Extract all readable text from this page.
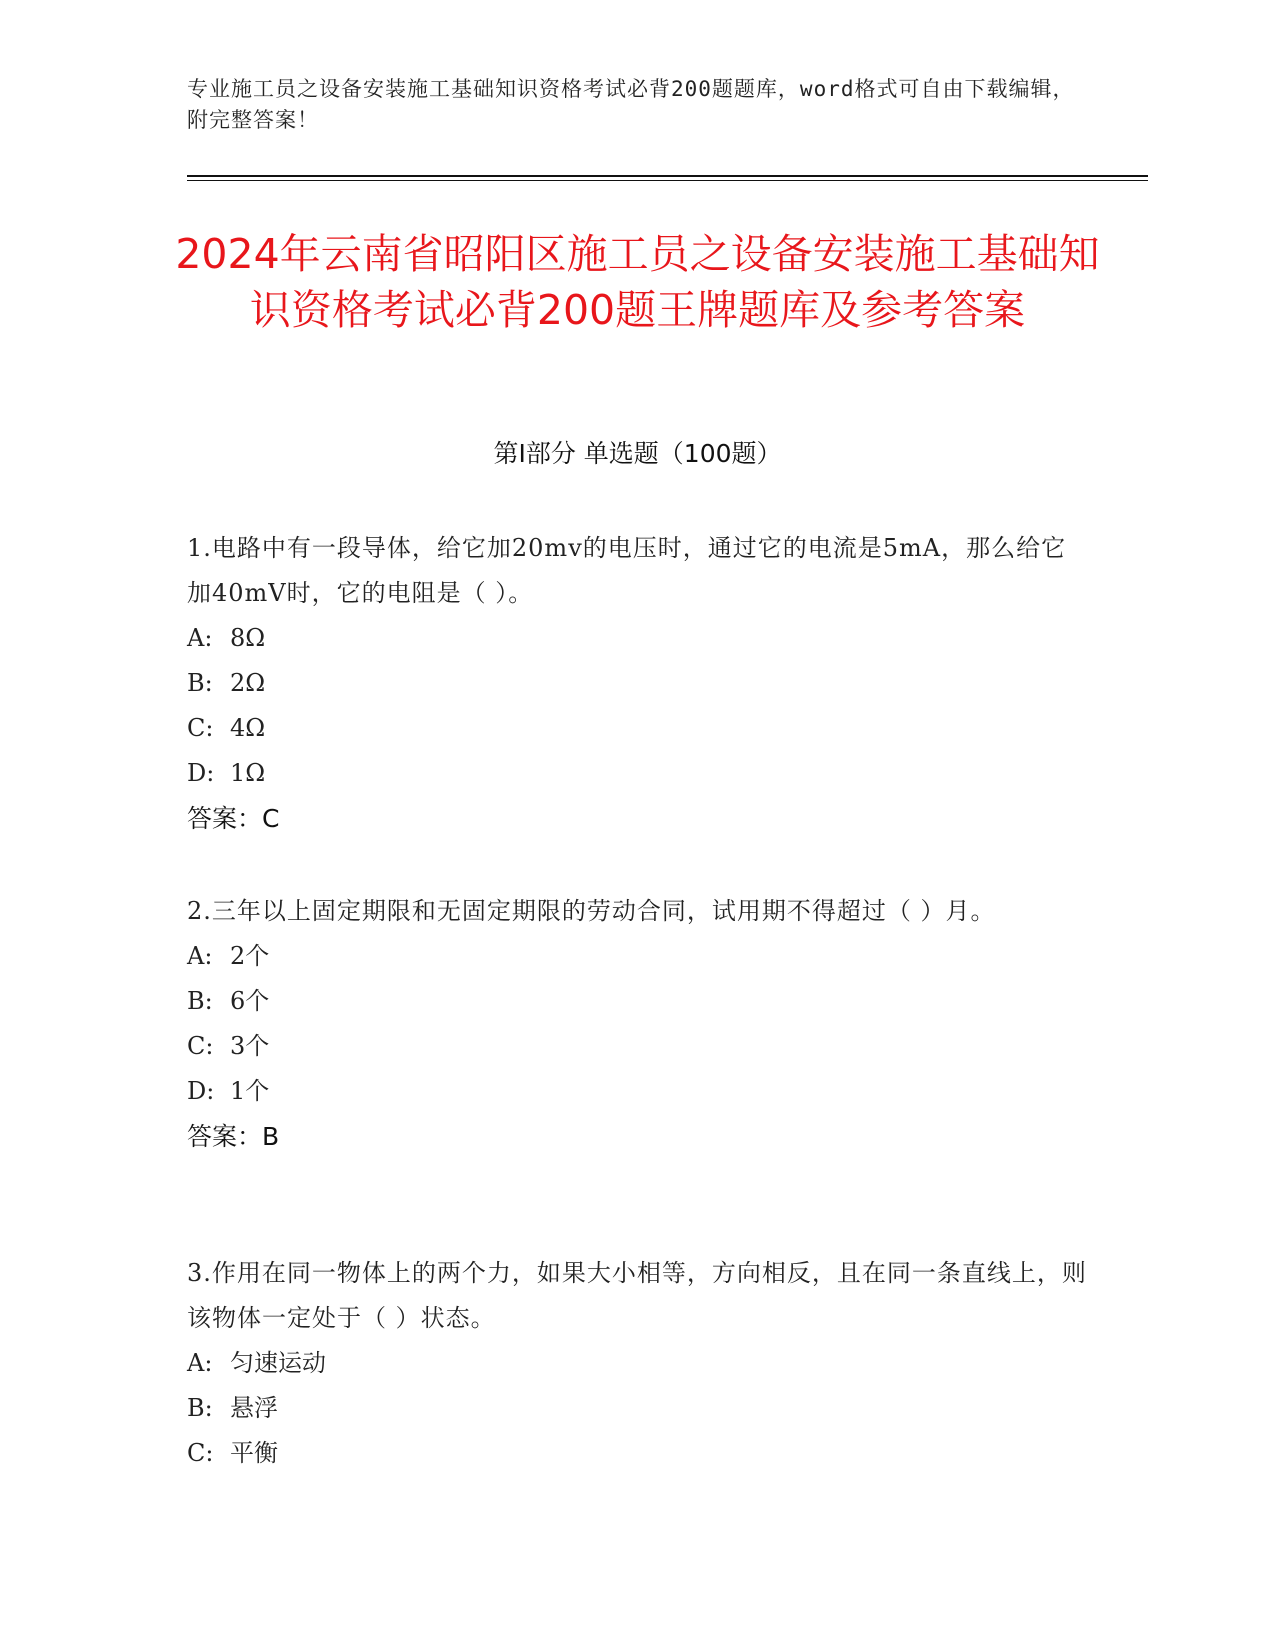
专业施工员之设备安装施工基础知识资格考试必背200题题库，word格式可自由下载编辑，附完整答案！
2024年云南省昭阳区施工员之设备安装施工基础知识资格考试必背200题王牌题库及参考答案
第Ⅰ部分 单选题（100题）

1.电路中有一段导体，给它加20mv的电压时，通过它的电流是5mA，那么给它加40mV时，它的电阻是（ ）。

A: 8Ω

B: 2Ω

C: 4Ω

D: 1Ω

答案：C

2.三年以上固定期限和无固定期限的劳动合同，试用期不得超过（ ）月。

A: 2个

B: 6个

C: 3个

D: 1个

答案：B

3.作用在同一物体上的两个力，如果大小相等，方向相反，且在同一条直线上，则该物体一定处于（ ）状态。

A: 匀速运动

B: 悬浮

C: 平衡
